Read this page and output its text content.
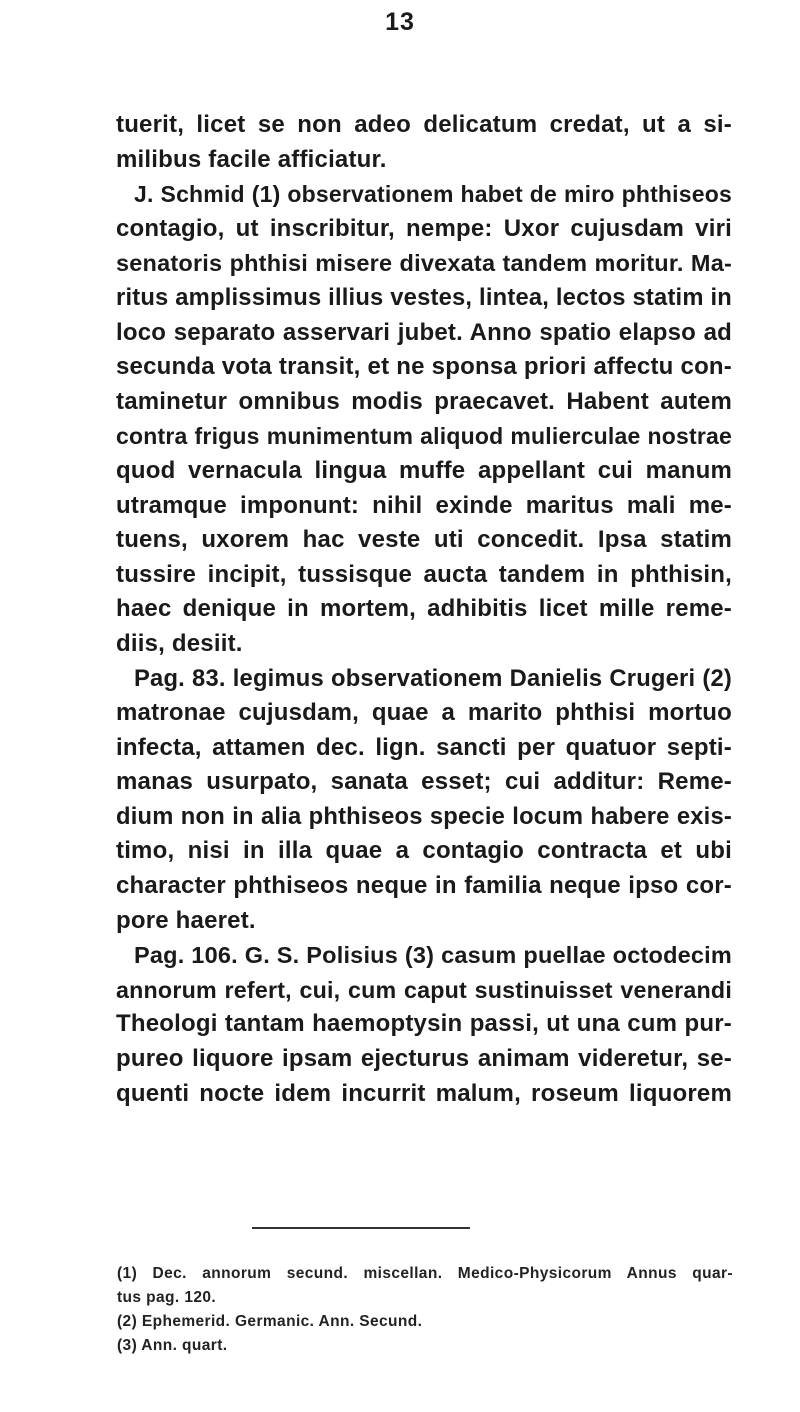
13
tuerit, licet se non adeo delicatum credat, ut a si-
milibus facile afficiatur.
J. Schmid (1) observationem habet de miro phthiseos
contagio, ut inscribitur, nempe: Uxor cujusdam viri
senatoris phthisi misere divexata tandem moritur. Ma-
ritus amplissimus illius vestes, lintea, lectos statim in
loco separato asservari jubet. Anno spatio elapso ad
secunda vota transit, et ne sponsa priori affectu con-
taminetur omnibus modis praecavet. Habent autem
contra frigus munimentum aliquod mulierculae nostrae
quod vernacula lingua muffe appellant cui manum
utramque imponunt: nihil exinde maritus mali me-
tuens, uxorem hac veste uti concedit. Ipsa statim
tussire incipit, tussisque aucta tandem in phthisin,
haec denique in mortem, adhibitis licet mille reme-
diis, desiit.
Pag. 83. legimus observationem Danielis Crugeri (2)
matronae cujusdam, quae a marito phthisi mortuo
infecta, attamen dec. lign. sancti per quatuor septi-
manas usurpato, sanata esset; cui additur: Reme-
dium non in alia phthiseos specie locum habere exis-
timo, nisi in illa quae a contagio contracta et ubi
character phthiseos neque in familia neque ipso cor-
pore haeret.
Pag. 106. G. S. Polisius (3) casum puellae octodecim
annorum refert, cui, cum caput sustinuisset venerandi
Theologi tantam haemoptysin passi, ut una cum pur-
pureo liquore ipsam ejecturus animam videretur, se-
quenti nocte idem incurrit malum, roseum liquorem
(1) Dec. annorum secund. miscellan. Medico-Physicorum Annus quar-
tus pag. 120.
(2) Ephemerid. Germanic. Ann. Secund.
(3) Ann. quart.
